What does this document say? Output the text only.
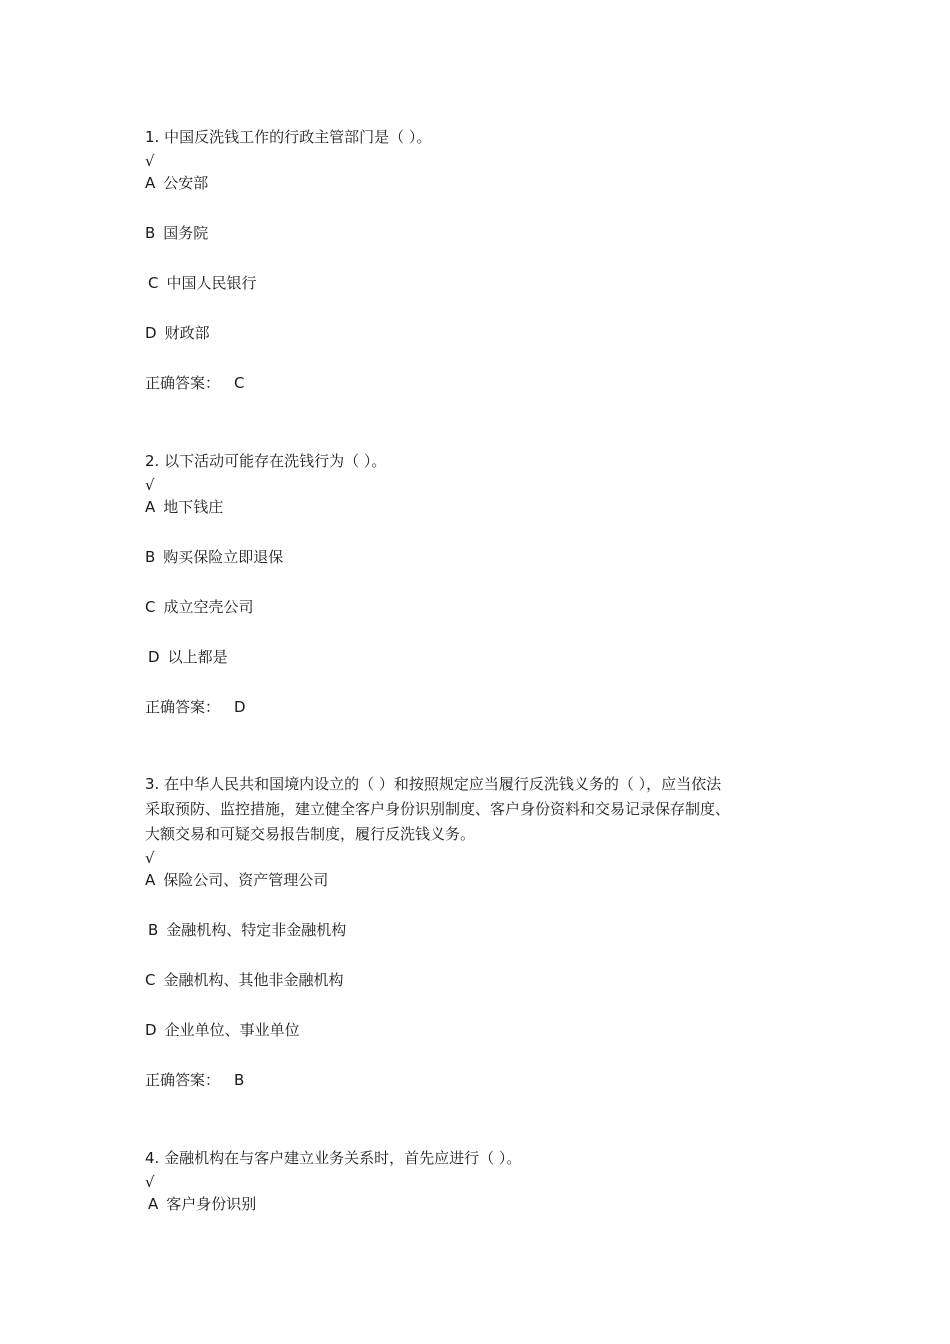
1. 中国反洗钱工作的行政主管部门是（ ）。

√

A 公安部

B 国务院

C 中国人民银行

D 财政部

正确答案： C

2. 以下活动可能存在洗钱行为（ ）。

√

A 地下钱庄

B 购买保险立即退保

C 成立空壳公司

D 以上都是

正确答案： D

3. 在中华人民共和国境内设立的（ ）和按照规定应当履行反洗钱义务的（ ），应当依法

采取预防、监控措施，建立健全客户身份识别制度、客户身份资料和交易记录保存制度、

大额交易和可疑交易报告制度，履行反洗钱义务。

√

A 保险公司、资产管理公司

B 金融机构、特定非金融机构

C 金融机构、其他非金融机构

D 企业单位、事业单位

正确答案： B

4. 金融机构在与客户建立业务关系时，首先应进行（ ）。

√

A 客户身份识别
